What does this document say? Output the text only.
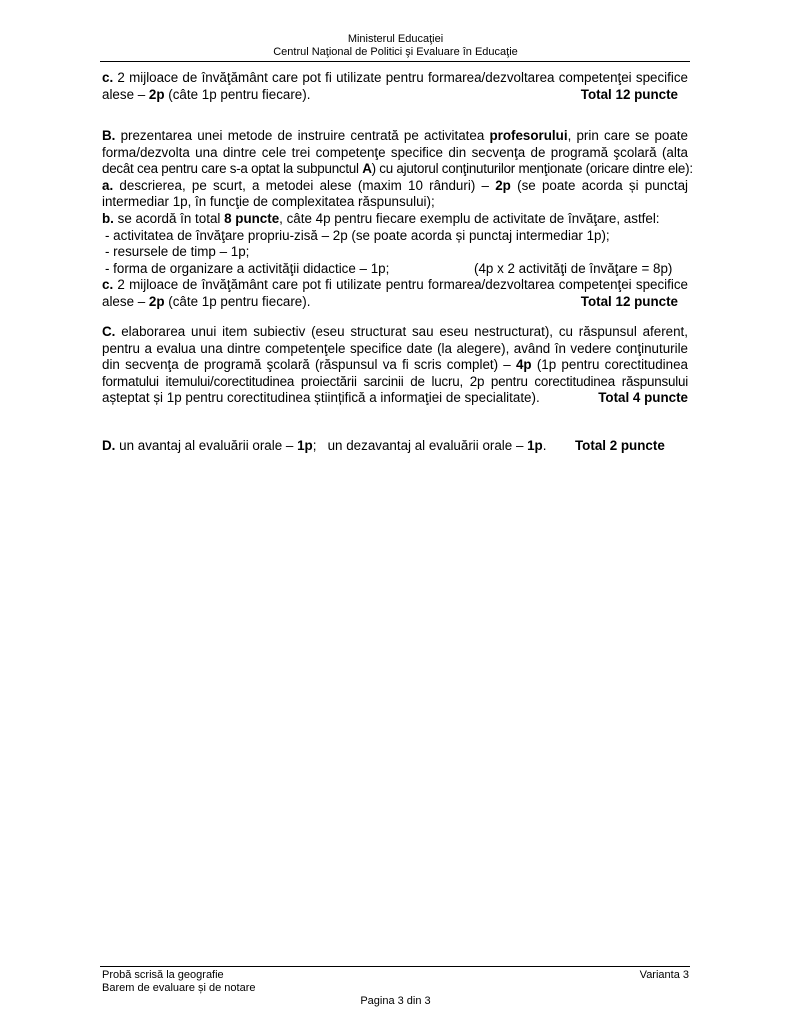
Ministerul Educaţiei
Centrul Naţional de Politici şi Evaluare în Educaţie
c. 2 mijloace de învăţământ care pot fi utilizate pentru formarea/dezvoltarea competenţei specifice
alese – 2p (câte 1p pentru fiecare).	Total 12 puncte
B. prezentarea unei metode de instruire centrată pe activitatea profesorului, prin care se poate
forma/dezvolta una dintre cele trei competenţe specifice din secvenţa de programă şcolară (alta
decât cea pentru care s-a optat la subpunctul A) cu ajutorul conţinuturilor menţionate (oricare dintre ele):
a. descrierea, pe scurt, a metodei alese (maxim 10 rânduri) – 2p (se poate acorda și punctaj
intermediar 1p, în funcţie de complexitatea răspunsului);
b. se acordă în total 8 puncte, câte 4p pentru fiecare exemplu de activitate de învăţare, astfel:
- activitatea de învăţare propriu-zisă – 2p (se poate acorda și punctaj intermediar 1p);
- resursele de timp – 1p;
- forma de organizare a activităţii didactice – 1p;	(4p x 2 activităţi de învăţare = 8p)
c. 2 mijloace de învăţământ care pot fi utilizate pentru formarea/dezvoltarea competenţei specifice
alese – 2p (câte 1p pentru fiecare).	Total 12 puncte
C. elaborarea unui item subiectiv (eseu structurat sau eseu nestructurat), cu răspunsul aferent,
pentru a evalua una dintre competenţele specifice date (la alegere), având în vedere conţinuturile
din secvenţa de programă şcolară (răspunsul va fi scris complet) – 4p (1p pentru corectitudinea
formatului itemului/corectitudinea proiectării sarcinii de lucru, 2p pentru corectitudinea răspunsului
așteptat și 1p pentru corectitudinea științifică a informaţiei de specialitate).	Total 4 puncte
D. un avantaj al evaluării orale – 1p; un dezavantaj al evaluării orale – 1p. Total 2 puncte
Probă scrisă la geografie
Barem de evaluare și de notare
Varianta 3
Pagina 3 din 3
